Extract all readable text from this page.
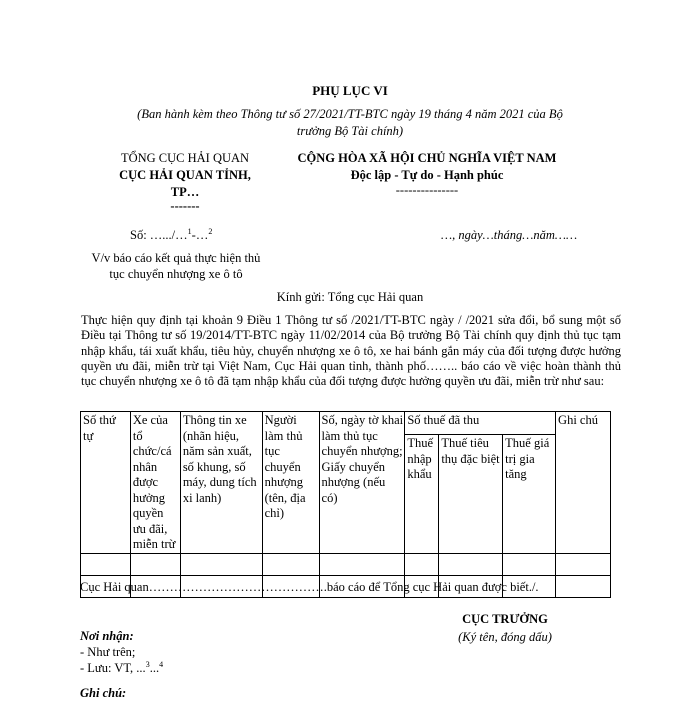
PHỤ LỤC VI
(Ban hành kèm theo Thông tư số 27/2021/TT-BTC ngày 19 tháng 4 năm 2021 của Bộ trưởng Bộ Tài chính)
TỔNG CỤC HẢI QUAN
CỤC HẢI QUAN TỈNH,
TP…
-------
CỘNG HÒA XÃ HỘI CHỦ NGHĨA VIỆT NAM
Độc lập - Tự do - Hạnh phúc
---------------
Số: ….../…$^1$-…$^2$	…, ngày…tháng…năm……
V/v báo cáo kết quả thực hiện thủ tục chuyển nhượng xe ô tô
Kính gửi: Tổng cục Hải quan
Thực hiện quy định tại khoản 9 Điều 1 Thông tư số /2021/TT-BTC ngày / /2021 sửa đổi, bổ sung một số Điều tại Thông tư số 19/2014/TT-BTC ngày 11/02/2014 của Bộ trưởng Bộ Tài chính quy định thủ tục tạm nhập khẩu, tái xuất khẩu, tiêu hủy, chuyển nhượng xe ô tô, xe hai bánh gắn máy của đối tượng được hưởng quyền ưu đãi, miễn trừ tại Việt Nam, Cục Hải quan tỉnh, thành phố…….. báo cáo về việc hoàn thành thủ tục chuyển nhượng xe ô tô đã tạm nhập khẩu của đối tượng được hưởng quyền ưu đãi, miễn trừ như sau:
Số thứ tự	Xe của tổ chức/cá nhân được hưởng quyền ưu đãi, miễn trừ	Thông tin xe (nhãn hiệu, năm sản xuất, số khung, số máy, dung tích xi lanh)	Người làm thủ tục chuyển nhượng (tên, địa chỉ)	Số, ngày tờ khai làm thủ tục chuyển nhượng; Giấy chuyển nhượng (nếu có)	Số thuế đã thu			Ghi chú
					Thuế nhập khẩu	Thuế tiêu thụ đặc biệt	Thuế giá trị gia tăng	

Cục Hải quan…………………………………….báo cáo để Tổng cục Hải quan được biết./.
CỤC TRƯỞNG
(Ký tên, đóng dấu)
Nơi nhận:
- Như trên;
- Lưu: VT, ...$^3$...$^4$
Ghi chú:
